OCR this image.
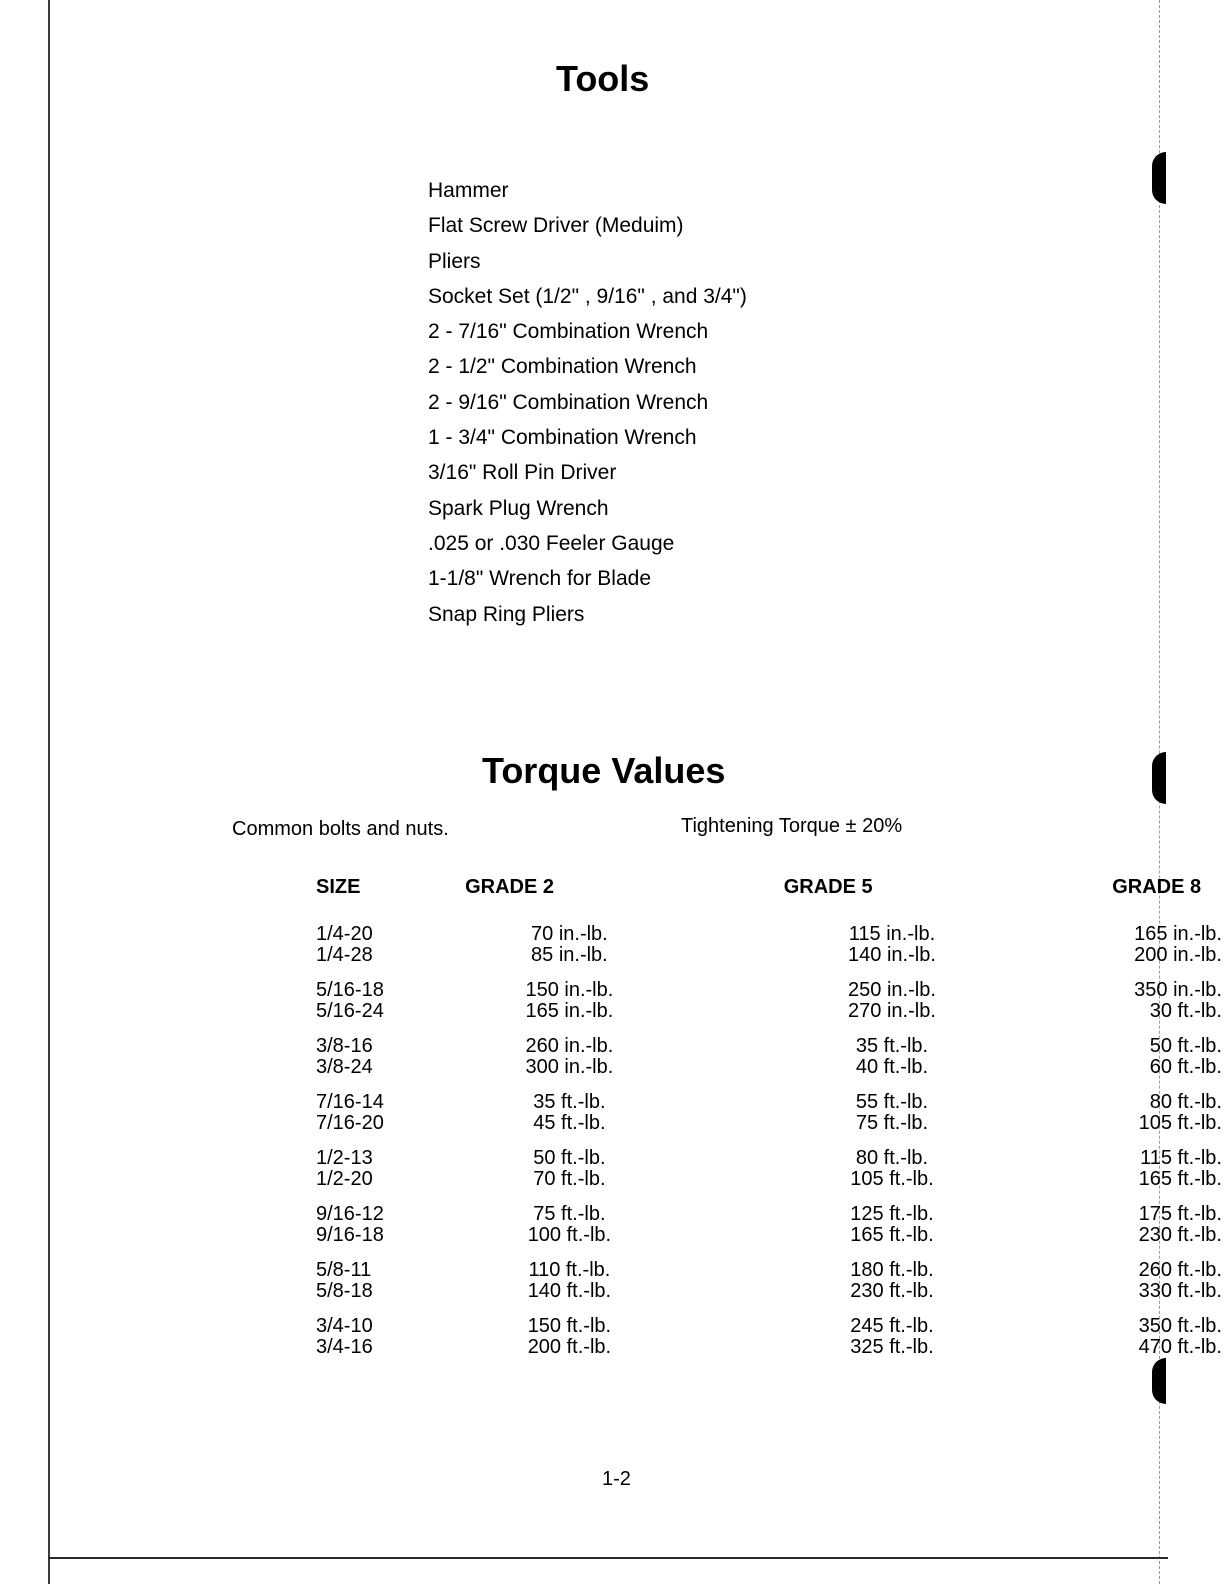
Tools
Hammer
Flat Screw Driver (Meduim)
Pliers
Socket Set (1/2" , 9/16" , and 3/4")
2 - 7/16" Combination Wrench
2 - 1/2" Combination Wrench
2 - 9/16" Combination Wrench
1 - 3/4" Combination Wrench
3/16" Roll Pin Driver
Spark Plug Wrench
.025 or .030 Feeler Gauge
1-1/8" Wrench for Blade
Snap Ring Pliers
Torque Values
Common bolts and nuts.	Tightening Torque ± 20%
SIZE	GRADE 2	GRADE 5	GRADE 8
1/4-20	70 in.-lb.	115 in.-lb.	165 in.-lb.
1/4-28	85 in.-lb.	140 in.-lb.	200 in.-lb.
5/16-18	150 in.-lb.	250 in.-lb.	350 in.-lb.
5/16-24	165 in.-lb.	270 in.-lb.	30 ft.-lb.
3/8-16	260 in.-lb.	35 ft.-lb.	50 ft.-lb.
3/8-24	300 in.-lb.	40 ft.-lb.	60 ft.-lb.
7/16-14	35 ft.-lb.	55 ft.-lb.	80 ft.-lb.
7/16-20	45 ft.-lb.	75 ft.-lb.	105 ft.-lb.
1/2-13	50 ft.-lb.	80 ft.-lb.	115 ft.-lb.
1/2-20	70 ft.-lb.	105 ft.-lb.	165 ft.-lb.
9/16-12	75 ft.-lb.	125 ft.-lb.	175 ft.-lb.
9/16-18	100 ft.-lb.	165 ft.-lb.	230 ft.-lb.
5/8-11	110 ft.-lb.	180 ft.-lb.	260 ft.-lb.
5/8-18	140 ft.-lb.	230 ft.-lb.	330 ft.-lb.
3/4-10	150 ft.-lb.	245 ft.-lb.	350 ft.-lb.
3/4-16	200 ft.-lb.	325 ft.-lb.	470 ft.-lb.
1-2
